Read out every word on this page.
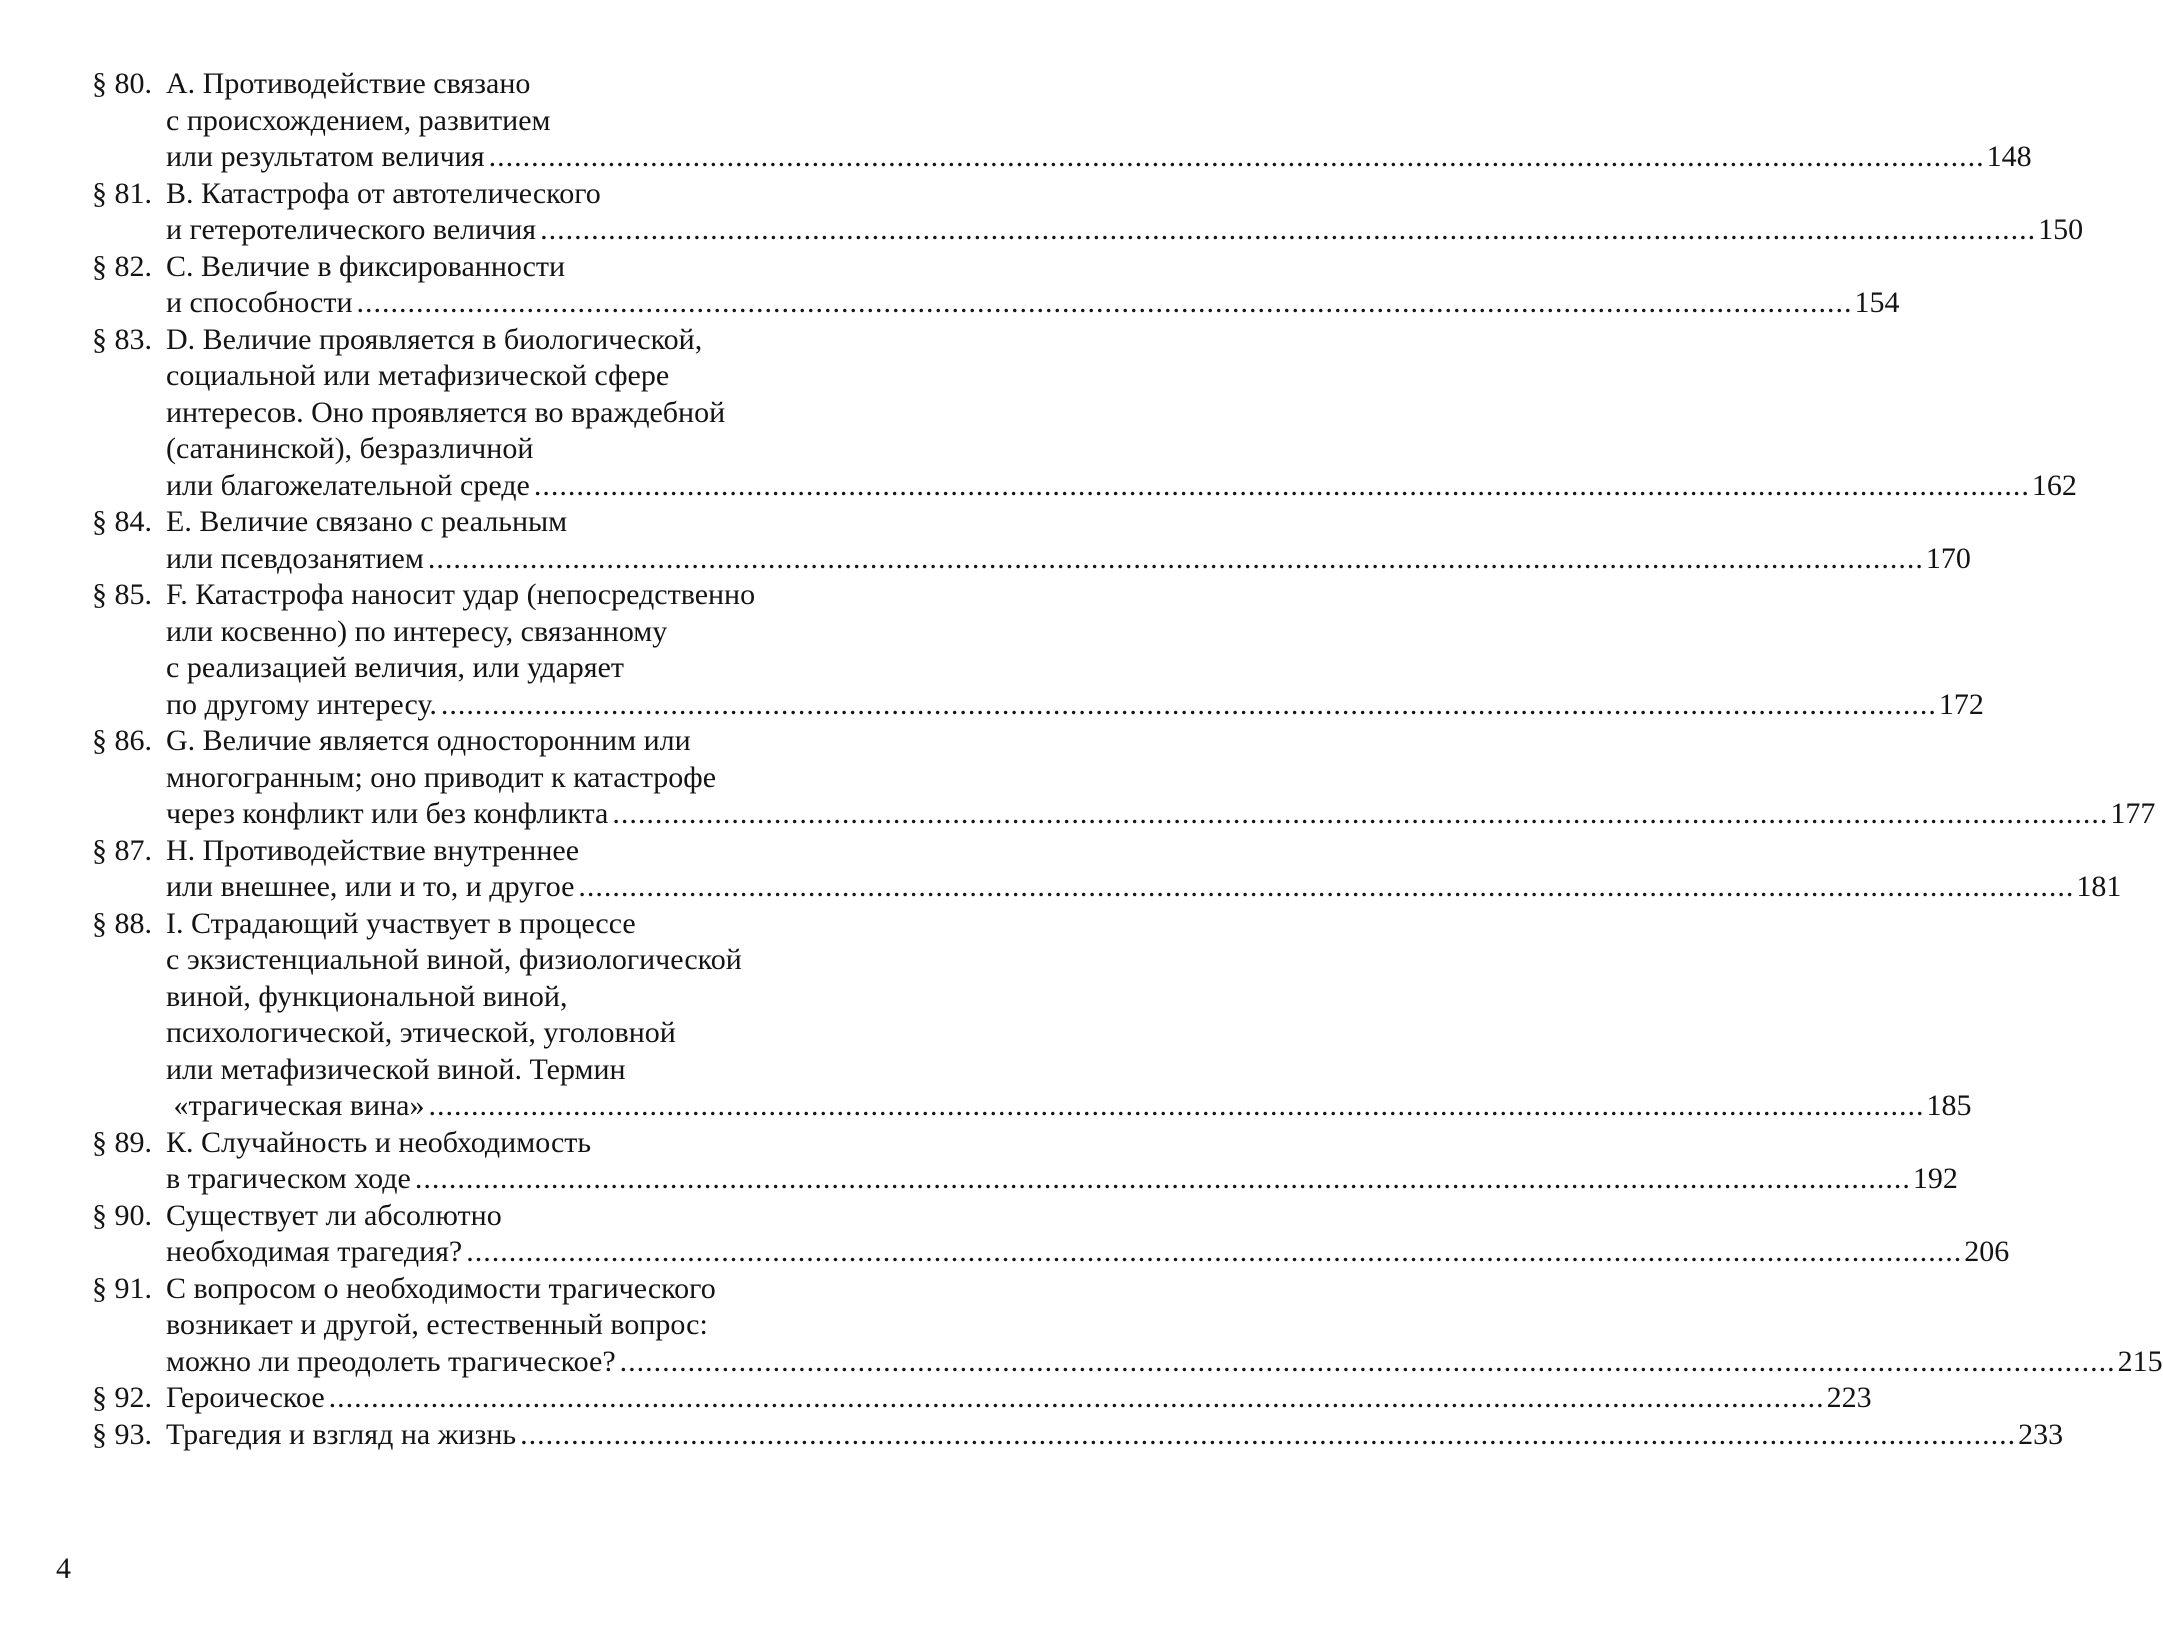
§ 80. А. Противодействие связано
с происхождением, развитием
или результатом величия .....	148
§ 81. В. Катастрофа от автотелического
и гетеротелического величия .....	150
§ 82. С. Величие в фиксированности
и способности .....	154
§ 83. D. Величие проявляется в биологической,
социальной или метафизической сфере
интересов. Оно проявляется во враждебной
(сатанинской), безразличной
или благожелательной среде .....	162
§ 84. Е. Величие связано с реальным
или псевдозанятием .....	170
§ 85. F. Катастрофа наносит удар (непосредственно
или косвенно) по интересу, связанному
с реализацией величия, или ударяет
по другому интересу. .....	172
§ 86. G. Величие является односторонним или
многогранным; оно приводит к катастрофе
через конфликт или без конфликта .....	177
§ 87. Н. Противодействие внутреннее
или внешнее, или и то, и другое .....	181
§ 88. I. Страдающий участвует в процессе
с экзистенциальной виной, физиологической
виной, функциональной виной,
психологической, этической, уголовной
или метафизической виной. Термин
«трагическая вина» .....	185
§ 89. К. Случайность и необходимость
в трагическом ходе .....	192
§ 90. Существует ли абсолютно
необходимая трагедия? .....	206
§ 91. С вопросом о необходимости трагического
возникает и другой, естественный вопрос:
можно ли преодолеть трагическое? .....	215
§ 92. Героическое .....	223
§ 93. Трагедия и взгляд на жизнь .....	233
4
